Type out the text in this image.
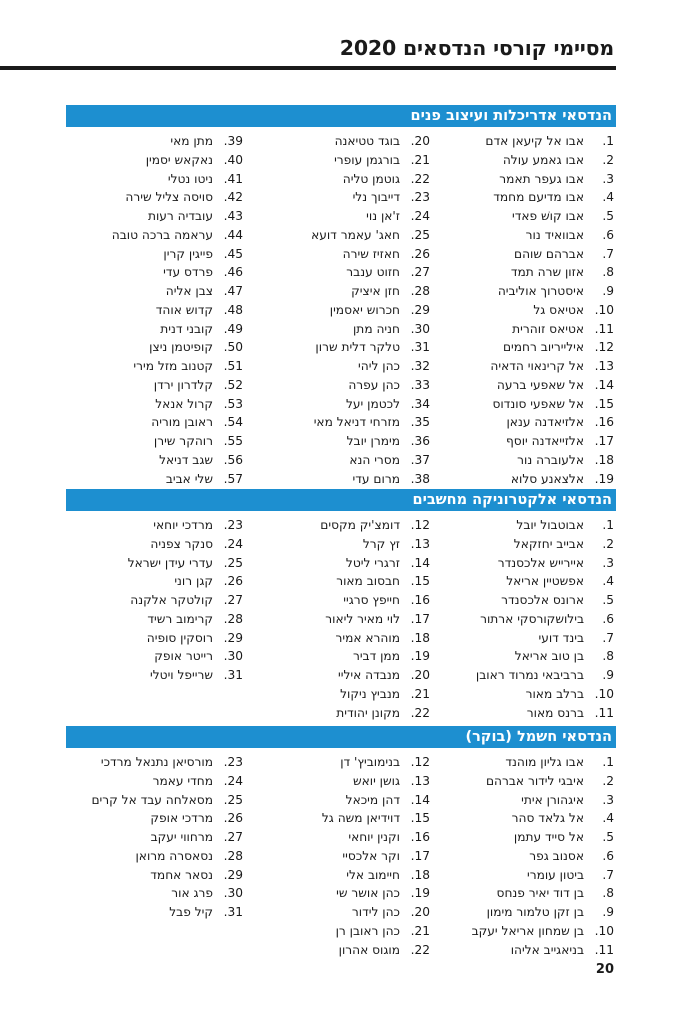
מסיימי קורסי הנדסאים 2020
הנדסאי אדריכלות ועיצוב פנים
1.
אבו אל קיעאן אדם
2.
אבו גאמע עולה
3.
אבו געפר תאמר
4.
אבו מדיעם מחמד
5.
אבו קושׁ פאדי
6.
אבוואיד נור
7.
אברהם שוהם
8.
אזון שרה תמד
9.
איסטרוך אוליביה
10.
אטיאס גל
11.
אטיאס זוהרית
12.
אילייריוב רחמים
13.
אל קרינאוי הדאיה
14.
אל שאפעי ברעה
15.
אל שאפעי סונדוס
16.
אלזיאדנה ענאן
17.
אלזייאדנה יוסף
18.
אלעוברה נור
19.
אלצאנע סלוא
20.
בוגד טטיאנה
21.
בורגמן עופרי
22.
גוטמן טליה
23.
דייבוך נלי
24.
ז'אן נוי
25.
חאג' עאמר דועא
26.
חאזיז שירה
27.
חזוט ענבר
28.
חזן איציק
29.
חכרוש יאסמין
30.
חניה מתן
31.
טלקר דלית שרון
32.
כהן ליהי
33.
כהן עפרה
34.
לכטמן יעל
35.
מזרחי דניאל מאי
36.
מימרן יובל
37.
מסרי הנא
38.
מרום עדי
39.
מתן מאי
40.
נאקאש יסמין
41.
ניטו נטלי
42.
סויסה צליל שירה
43.
עובדיה רעות
44.
עראמה ברכה טובה
45.
פייגין קרין
46.
פרדס עדי
47.
צבן אליה
48.
קדוש אוהד
49.
קובני דנית
50.
קופיטמן ניצן
51.
קטנוב מזל מירי
52.
קלדרון ירדן
53.
קרול אנאל
54.
ראובן מוריה
55.
רוהקר שירן
56.
שגב דניאל
57.
שלי אביב
הנדסאי אלקטרוניקה מחשבים
1.
אבוטבול יובל
2.
אבייב יחזקאל
3.
איירייש אלכסנדר
4.
אפשטיין אריאל
5.
ארונס אלכסנדר
6.
בילושקורסקי ארתור
7.
בינד דועי
8.
בן טוב אריאל
9.
ברביבאי נמרוד ראובן
10.
ברלב מאור
11.
ברנס מאור
12.
דומצ'יק מקסים
13.
זץ קרל
14.
זרגרי ליטל
15.
חבסוב מאור
16.
חייפץ סרגיי
17.
לוי מאיר ליאור
18.
מוהרא אמיר
19.
ממן דביר
20.
מנבדה איליי
21.
מנביץ ניקול
22.
מקונן יהודית
23.
מרדכי יוחאי
24.
סנקר צפניה
25.
עדרי עידן ישראל
26.
קגן רוני
27.
קולטקר אלקנה
28.
קרימוב רשיד
29.
רוסקין סופיה
30.
רייטר אופק
31.
שרייפל ויטלי
הנדסאי חשמל (בוקר)
1.
אבו גליון מוהנד
2.
איבגי לידור אברהם
3.
איגהורן איתי
4.
אל גלאד סהר
5.
אל סייד עתמן
6.
אסנוב גפר
7.
ביטון עומרי
8.
בן דוד יאיר פנחס
9.
בן זקן טלמור מימון
10.
בן שמחון אריאל יעקב
11.
בניאגייב אליהו
12.
בנימוביץ' דן
13.
גושן יואש
14.
דהן מיכאל
15.
דוידיאן משה גל
16.
וקנין יוחאי
17.
וקר אלכסיי
18.
חיימוב אלי
19.
כהן אושר שי
20.
כהן לידור
21.
כהן ראובן רן
22.
מוגוס אהרון
23.
מורסיאן נתנאל מרדכי
24.
מחדי עאמר
25.
מסאלחה עבד אל קרים
26.
מרדכי אופק
27.
מרחווי יעקב
28.
נסאסרה מרואן
29.
נסאר אחמד
30.
פרג אור
31.
קיל פבל
20
